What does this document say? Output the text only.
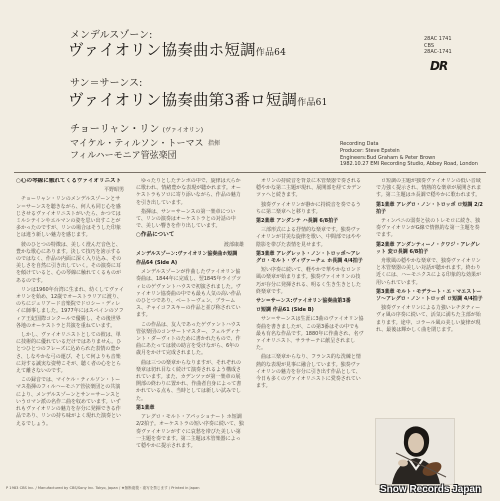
メンデルスゾーン:
ヴァイオリン協奏曲ホ短調作品64
サン＝サーンス:
ヴァイオリン協奏曲第3番ロ短調作品61
チョーリャン・リン (ヴァイオリン)
マイケル・ティルソン・トーマス 指揮
フィルハーモニア管弦楽団
28AC 1741
CBS
28AC-1741
DR
Recording Data
Producer: Steve Epstein
Engineers:Bud Graham & Peter Brown
1982.10.27 EMI Recording Studio, Abbey Road, London

○心の琴線に触れてくるヴァイオリニスト

平野昭男

チョーリャン・リンのメンデルスゾーンとサン＝サーンスを聴きながら、何人も同じ心を感じさせるヴァイオリニストがいたら、かつてはミルシテインやエルマンの姿を思い出すことが多かったのですが、リンの場合はそうした印象とは違う新しい魅力を感じます。

彼のひとつの特徴は、美しく澄んだ音色と、豊かな歌心にあります。決して技巧を誇示するのではなく、作品の内面に深く入り込み、その美しさを自然に引き出していく。その演奏に耳を傾けていると、心の琴線に触れてくるものがあるのです。

リンは1960年台湾に生まれ、幼くしてヴァイオリンを始め、12歳でオーストラリアに渡り、のちにジュリアード音楽院でドロシー・ディレイに師事しました。1977年にはスペインのソフィア王妃国際コンクールで優勝し、その後世界各地のオーケストラと共演を重ねています。

しかし、ヴァイオリニストとしての彼は、単に技術的に優れているだけではありません。ひとつひとつのフレーズに込められた表情の豊かさ、しなやかな弓の運び、そして何よりも音楽に対する誠実な姿勢こそが、聴く者の心をとらえて離さないのです。

この録音では、マイケル・ティルソン・トーマス指揮のフィルハーモニア管弦楽団との共演により、メンデルスゾーンとサン＝サーンスというロマン派の名作二曲を収めています。いずれもヴァイオリンの魅力を存分に発揮できる作品であり、リンの持ち味がよく現れた演奏といえるでしょう。

ゆったりとしたテンポの中で、旋律は大らかに歌われ、情緒豊かな表現が聴かれます。オーケストラもソロに寄り添いながら、作品の魅力を引き出しています。

指揮は、サン＝サーンスの第一楽章について、リンの演奏はオーケストラとの対話の中で、美しい響きを作り出しています。

○作品について

渡部康雄

メンデルスゾーン:ヴァイオリン協奏曲ホ短調

作品64 (Side A)

メンデルスゾーンが作曲したヴァイオリン協奏曲は、1844年に完成し、翌1845年ライプツィヒのゲヴァントハウスで初演されました。ヴァイオリン協奏曲の中でも最も人気の高い作品のひとつであり、ベートーヴェン、ブラームス、チャイコフスキーの作品と並び称されています。

この作品は、友人であったゲヴァントハウス管弦楽団のコンサートマスター、フェルディナント・ダーヴィトのために書かれたもので、作曲にあたっては彼の助言を受けながら、6年の歳月をかけて完成されました。

曲は三つの楽章からなりますが、それぞれの楽章は切れ目なく続けて演奏されるよう構成されています。また、カデンツァが第一楽章の展開部の終わりに置かれ、作曲者自身によって書かれている点も、当時としては新しい試みでした。

第1楽章

アレグロ・モルト・アパッショナート ホ短調 2/2拍子。オーケストラの短い序奏に続いて、独奏ヴァイオリンがすぐに哀愁を帯びた美しい第一主題を奏でます。第二主題は木管楽器によって穏やかに提示されます。

オリンの持続音を背景に木管楽器で奏される穏やかな第二主題が現れ、展開部を経てカデンツァへと続きます。

独奏ヴァイオリンが静かに持続音を奏でるうちに第二楽章へと移ります。

第2楽章 アンダンテ ハ長調 6/8拍子

三部形式による抒情的な楽章です。独奏ヴァイオリンが甘美な旋律を歌い、中間部ではやや陰影を帯びた表情を見せます。

第3楽章 アレグレット・ノン・トロッポ〜アレグロ・モルト・ヴィヴァーチェ ホ長調 4/4拍子

短い序奏に続いて、軽やかで華やかなロンド風の楽章が始まります。独奏ヴァイオリンの技巧が存分に発揮される、明るく生き生きとした終楽章です。

サン＝サーンス:ヴァイオリン協奏曲第3番

ロ短調 作品61 (Side B)

サン＝サーンスは生涯に3曲のヴァイオリン協奏曲を書きましたが、この第3番はその中でも最も有名な作品です。1880年に作曲され、名ヴァイオリニスト、サラサーテに献呈されました。

曲は三楽章からなり、フランス的な洗練と情熱的な表現が見事に融合しています。独奏ヴァイオリンの魅力を存分に引き出す作品として、今日も多くのヴァイオリニストに愛奏されています。

ロ短調の主題が独奏ヴァイオリンの低い音域で力強く提示され、情熱的な楽章が展開されます。第二主題はホ長調で穏やかに歌われます。

第1楽章 アレグロ・ノン・トロッポ ロ短調 2/2拍子

ティンパニの弱奏と弦のトレモロに続き、独奏ヴァイオリンがG線で情熱的な第一主題を奏でます。

第2楽章 アンダンティーノ・クワジ・アレグレット 変ロ長調 6/8拍子

舟歌風の穏やかな楽章で、独奏ヴァイオリンと木管楽器の美しい対話が聴かれます。終わり近くには、ハーモニクスによる印象的な効果が用いられています。

第3楽章 モルト・モデラート・エ・マエストーソ〜アレグロ・ノン・トロッポ ロ短調 4/4拍子

独奏ヴァイオリンによる力強いレチタティーヴォ風の序奏に続いて、活気に満ちた主部が始まります。途中、コラール風の美しい旋律が現れ、最後は輝かしく曲を閉じます。

P 1983 CBS Inc. / Manufactured by CBS/Sony Inc. Tokyo, Japan / ★無断複製・複写を禁じます / Printed in Japan	Snow Records Japan
